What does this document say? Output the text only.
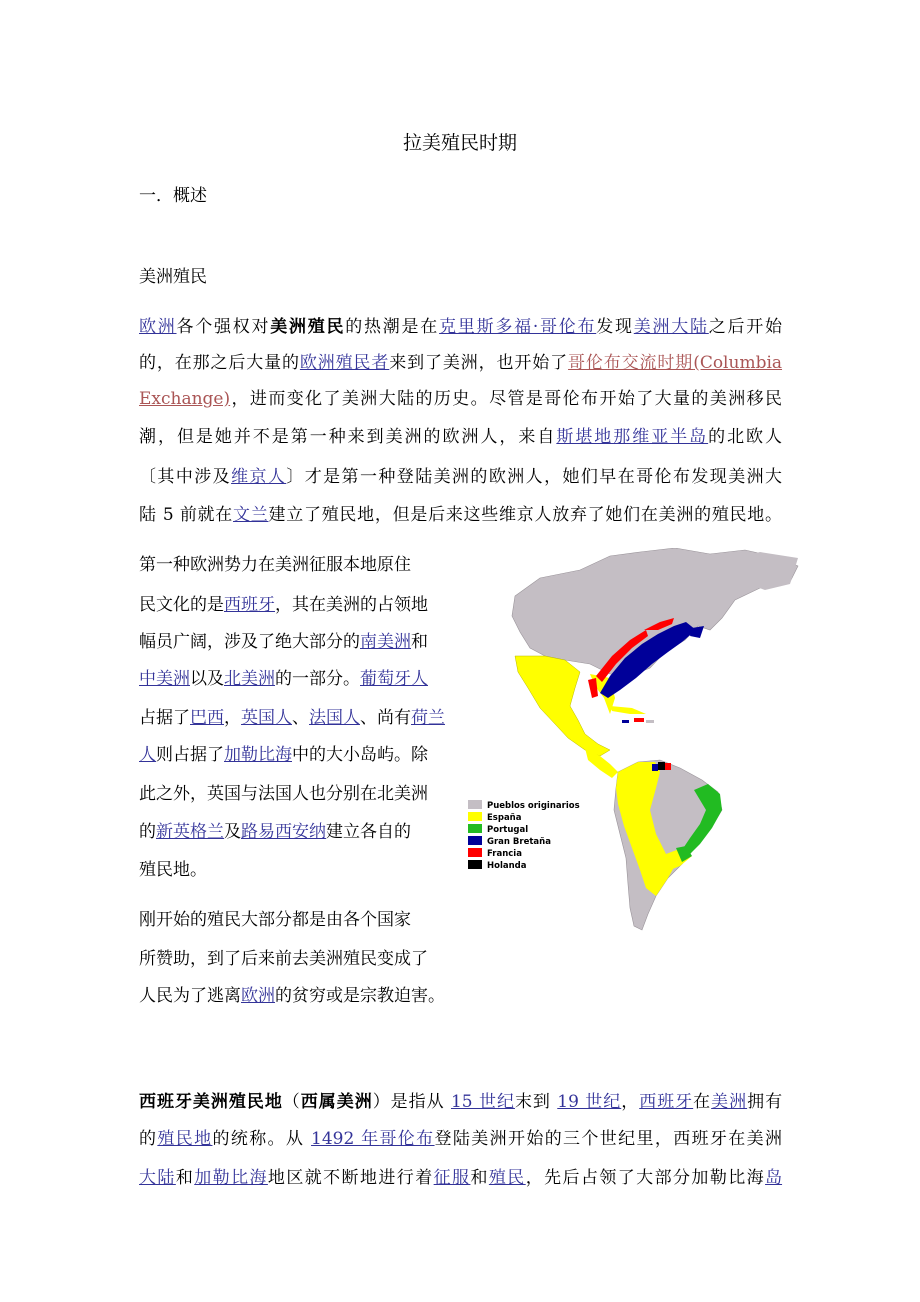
拉美殖民时期
一．概述
美洲殖民
欧洲各个强权对美洲殖民的热潮是在克里斯多福·哥伦布发现美洲大陆之后开始
的，在那之后大量的欧洲殖民者来到了美洲，也开始了哥伦布交流时期(Columbia
Exchange)，进而变化了美洲大陆的历史。尽管是哥伦布开始了大量的美洲移民
潮，但是她并不是第一种来到美洲的欧洲人，来自斯堪地那维亚半岛的北欧人
〔其中涉及维京人〕才是第一种登陆美洲的欧洲人，她们早在哥伦布发现美洲大
陆 5 前就在文兰建立了殖民地，但是后来这些维京人放弃了她们在美洲的殖民地。
第一种欧洲势力在美洲征服本地原住
民文化的是西班牙，其在美洲的占领地
幅员广阔，涉及了绝大部分的南美洲和
中美洲以及北美洲的一部分。葡萄牙人
占据了巴西，英国人、法国人、尚有荷兰
人则占据了加勒比海中的大小岛屿。除
此之外，英国与法国人也分别在北美洲
的新英格兰及路易西安纳建立各自的
殖民地。
刚开始的殖民大部分都是由各个国家
所赞助，到了后来前去美洲殖民变成了
人民为了逃离欧洲的贫穷或是宗教迫害。
西班牙美洲殖民地（西属美洲）是指从 15 世纪末到 19 世纪，西班牙在美洲拥有
的殖民地的统称。从 1492 年哥伦布登陆美洲开始的三个世纪里，西班牙在美洲
大陆和加勒比海地区就不断地进行着征服和殖民，先后占领了大部分加勒比海岛
Pueblos originarios
España
Portugal
Gran Bretaña
Francia
Holanda
